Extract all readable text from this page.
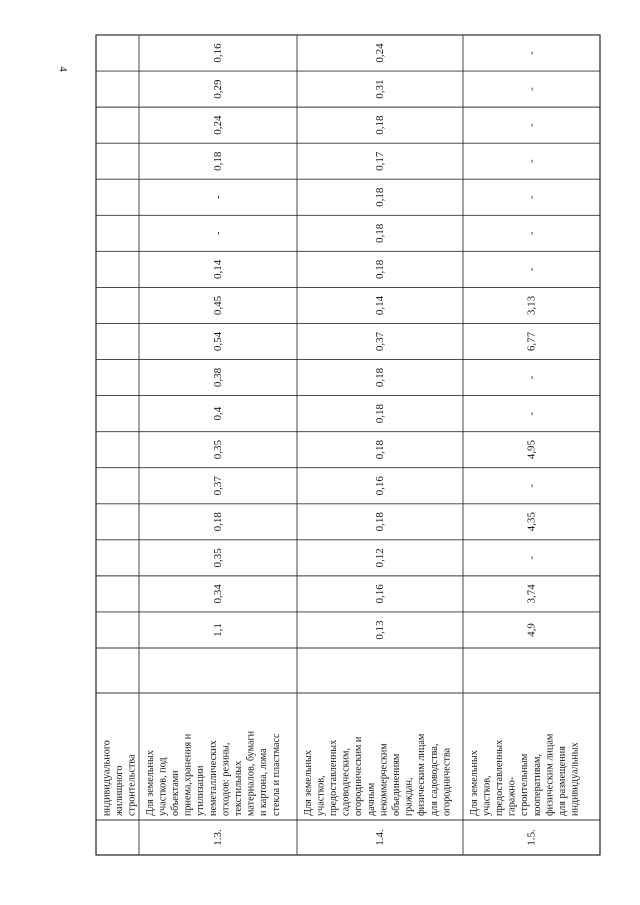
4
индивидуального жилищного строительства
1.3.
Для земельных участков, под объектами приема,хранения и утилизации неметаллических отходов: резины, текстильных материалов, бумаги и картона, лома стекла и пластмасс
1,1
0,34
0,35
0,18
0,37
0,35
0,4
0,38
0,54
0,45
0,14
-
-
0,18
0,24
0,29
0,16
1.4.
Для земельных участков, предоставленных садоводческим, огородническим и дачным некоммерческим объединениям граждан, физическим лицам для садоводства, огородничества
0,13
0,16
0,12
0,18
0,16
0,18
0,18
0,18
0,37
0,14
0,18
0,18
0,18
0,17
0,18
0,31
0,24
1.5.
Для земельных участков, предоставленных гаражно- строительным кооперативам, физическим лицам для размещения индивидуальных
4,9
3,74
-
4,35
-
4,95
-
-
6,77
3,13
-
-
-
-
-
-
-
